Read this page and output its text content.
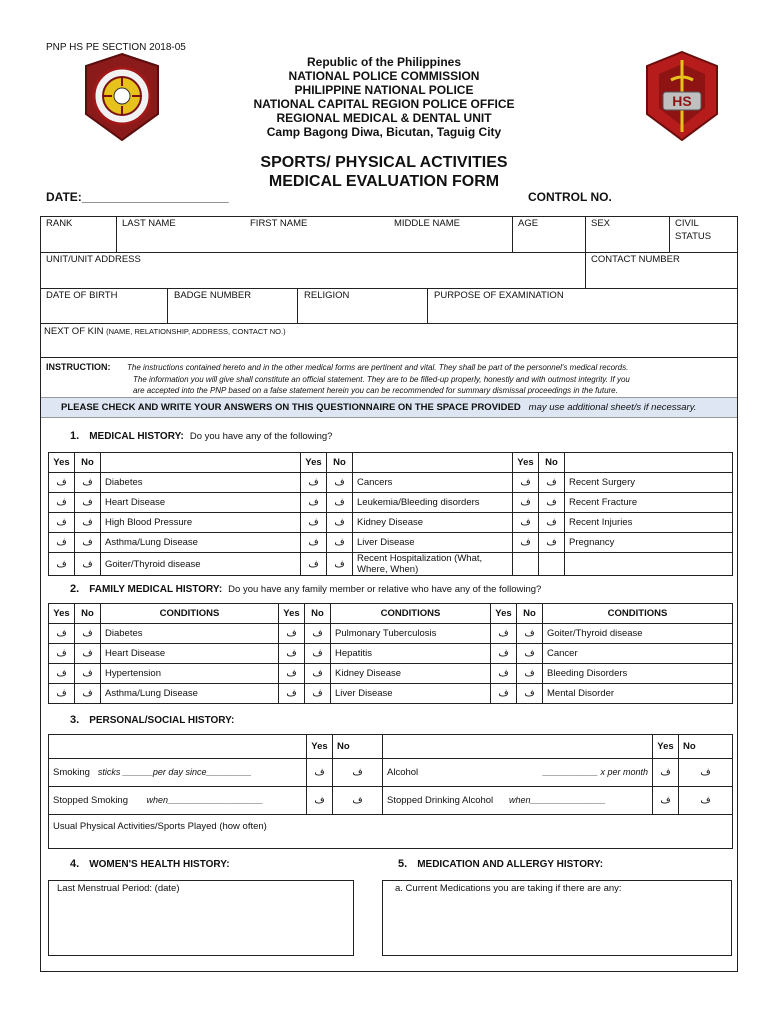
PNP HS PE SECTION 2018-05
HS
Republic of the Philippines
NATIONAL POLICE COMMISSION
PHILIPPINE NATIONAL POLICE
NATIONAL CAPITAL REGION POLICE OFFICE
REGIONAL MEDICAL & DENTAL UNIT
Camp Bagong Diwa, Bicutan, Taguig City
SPORTS/ PHYSICAL ACTIVITIES
MEDICAL EVALUATION FORM
DATE:______________________	CONTROL NO.
RANK	LAST NAME	FIRST NAME	MIDDLE NAME	AGE	SEX	CIVIL
STATUS
UNIT/UNIT ADDRESS	CONTACT NUMBER
DATE OF BIRTH	BADGE NUMBER	RELIGION	PURPOSE OF EXAMINATION
NEXT OF KIN (NAME, RELATIONSHIP, ADDRESS, CONTACT NO.)
INSTRUCTION: The instructions contained hereto and in the other medical forms are pertinent and vital. They shall be part of the personnel's medical records.
The information you will give shall constitute an official statement. They are to be filled-up properly, honestly and with outmost integrity. If you
are accepted into the PNP based on a false statement herein you can be recommended for summary dismissal proceedings in the future.
PLEASE CHECK AND WRITE YOUR ANSWERS ON THIS QUESTIONNAIRE ON THE SPACE PROVIDED may use additional sheet/s if necessary.
1. MEDICAL HISTORY: Do you have any of the following?
Yes	No		Yes	No		Yes	No	
ف	ف	Diabetes	ف	ف	Cancers	ف	ف	Recent Surgery
ف	ف	Heart Disease	ف	ف	Leukemia/Bleeding disorders	ف	ف	Recent Fracture
ف	ف	High Blood Pressure	ف	ف	Kidney Disease	ف	ف	Recent Injuries
ف	ف	Asthma/Lung Disease	ف	ف	Liver Disease	ف	ف	Pregnancy
ف	ف	Goiter/Thyroid disease	ف	ف	Recent Hospitalization (What, Where, When)			
2. FAMILY MEDICAL HISTORY: Do you have any family member or relative who have any of the following?
Yes	No	CONDITIONS	Yes	No	CONDITIONS	Yes	No	CONDITIONS
ف	ف	Diabetes	ف	ف	Pulmonary Tuberculosis	ف	ف	Goiter/Thyroid disease
ف	ف	Heart Disease	ف	ف	Hepatitis	ف	ف	Cancer
ف	ف	Hypertension	ف	ف	Kidney Disease	ف	ف	Bleeding Disorders
ف	ف	Asthma/Lung Disease	ف	ف	Liver Disease	ف	ف	Mental Disorder
3. PERSONAL/SOCIAL HISTORY:
	Yes	No		Yes	No
Smoking sticks ______per day since_________	ف	ف	Alcohol ___________ x per month	ف	ف
Stopped Smoking when___________________	ف	ف	Stopped Drinking Alcohol when_______________	ف	ف
Usual Physical Activities/Sports Played (how often)					
4. WOMEN'S HEALTH HISTORY:	5. MEDICATION AND ALLERGY HISTORY:
Last Menstrual Period: (date)	a. Current Medications you are taking if there are any:
